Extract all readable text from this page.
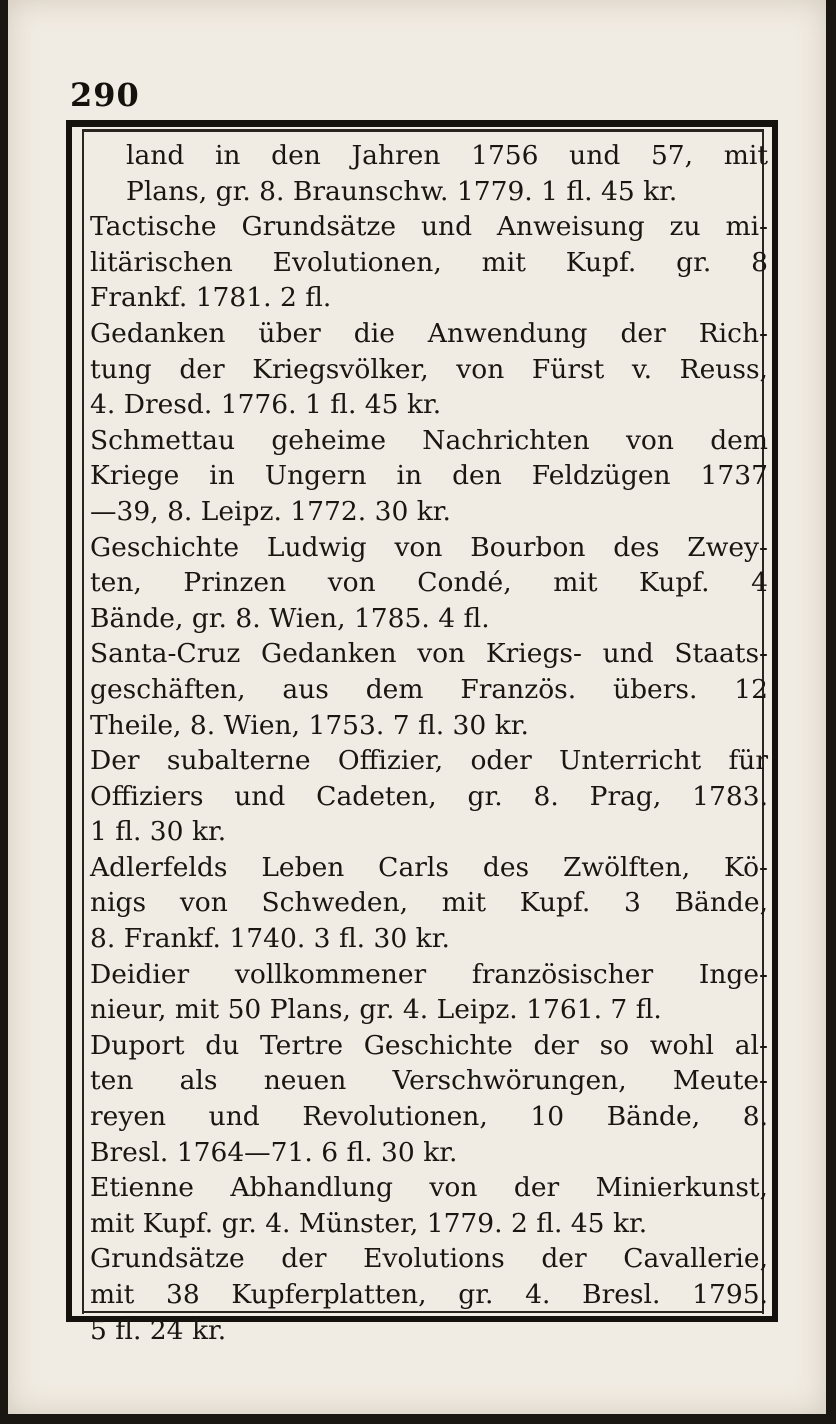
290
land in den Jahren 1756 und 57, mit
Plans, gr. 8. Braunschw. 1779. 1 fl. 45 kr.
Tactische Grundsätze und Anweisung zu mi-
litärischen Evolutionen, mit Kupf. gr. 8
Frankf. 1781. 2 fl.
Gedanken über die Anwendung der Rich-
tung der Kriegsvölker, von Fürst v. Reuss,
4. Dresd. 1776. 1 fl. 45 kr.
Schmettau geheime Nachrichten von dem
Kriege in Ungern in den Feldzügen 1737
—39, 8. Leipz. 1772. 30 kr.
Geschichte Ludwig von Bourbon des Zwey-
ten, Prinzen von Condé, mit Kupf. 4
Bände, gr. 8. Wien, 1785. 4 fl.
Santa-Cruz Gedanken von Kriegs- und Staats-
geschäften, aus dem Französ. übers. 12
Theile, 8. Wien, 1753. 7 fl. 30 kr.
Der subalterne Offizier, oder Unterricht für
Offiziers und Cadeten, gr. 8. Prag, 1783.
1 fl. 30 kr.
Adlerfelds Leben Carls des Zwölften, Kö-
nigs von Schweden, mit Kupf. 3 Bände,
8. Frankf. 1740. 3 fl. 30 kr.
Deidier vollkommener französischer Inge-
nieur, mit 50 Plans, gr. 4. Leipz. 1761. 7 fl.
Duport du Tertre Geschichte der so wohl al-
ten als neuen Verschwörungen, Meute-
reyen und Revolutionen, 10 Bände, 8.
Bresl. 1764—71. 6 fl. 30 kr.
Etienne Abhandlung von der Minierkunst,
mit Kupf. gr. 4. Münster, 1779. 2 fl. 45 kr.
Grundsätze der Evolutions der Cavallerie,
mit 38 Kupferplatten, gr. 4. Bresl. 1795.
5 fl. 24 kr.
